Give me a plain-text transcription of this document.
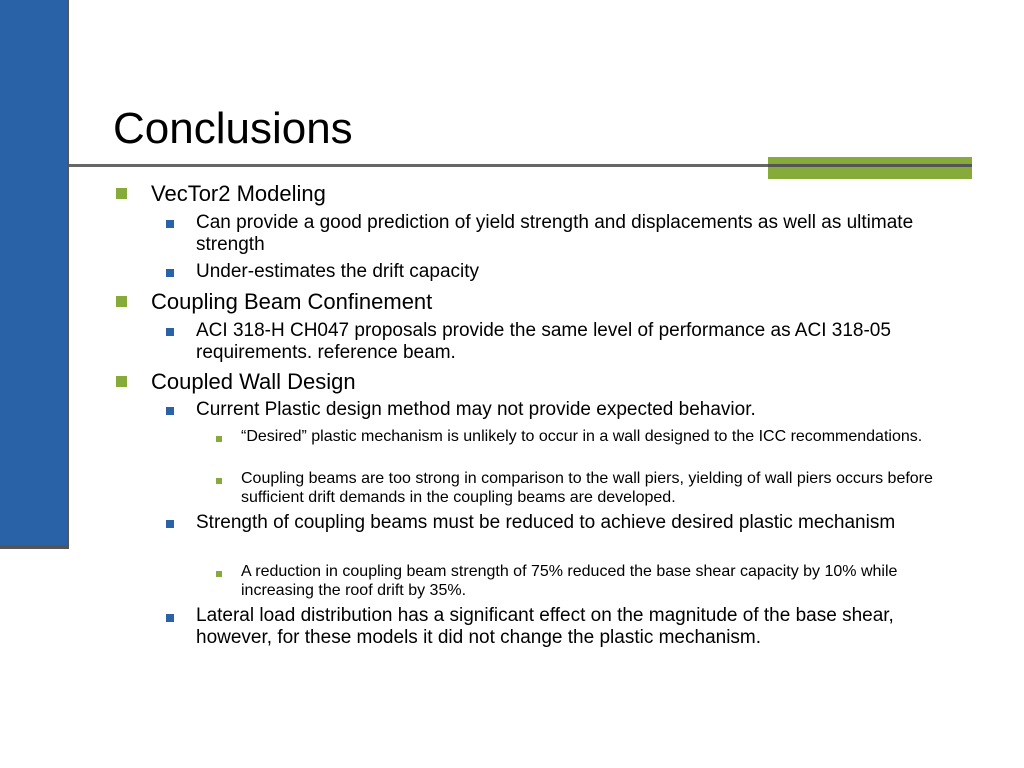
Conclusions
VecTor2 Modeling
Can provide a good prediction of yield strength and displacements as well as ultimate strength
Under-estimates the drift capacity
Coupling Beam Confinement
ACI 318-H CH047 proposals provide the same level of performance as ACI 318-05 requirements. reference beam.
Coupled Wall Design
Current Plastic design method may not provide expected behavior.
“Desired” plastic mechanism is unlikely to occur in a wall designed to the ICC recommendations.
Coupling beams are too strong in comparison to the wall piers, yielding of wall piers occurs before sufficient drift demands in the coupling beams are developed.
Strength of coupling beams must be reduced to achieve desired plastic mechanism
A reduction in coupling beam strength of 75% reduced the base shear capacity by 10% while increasing the roof drift by 35%.
Lateral load distribution has a significant effect on the magnitude of the base shear, however, for these models it did not change the plastic mechanism.
